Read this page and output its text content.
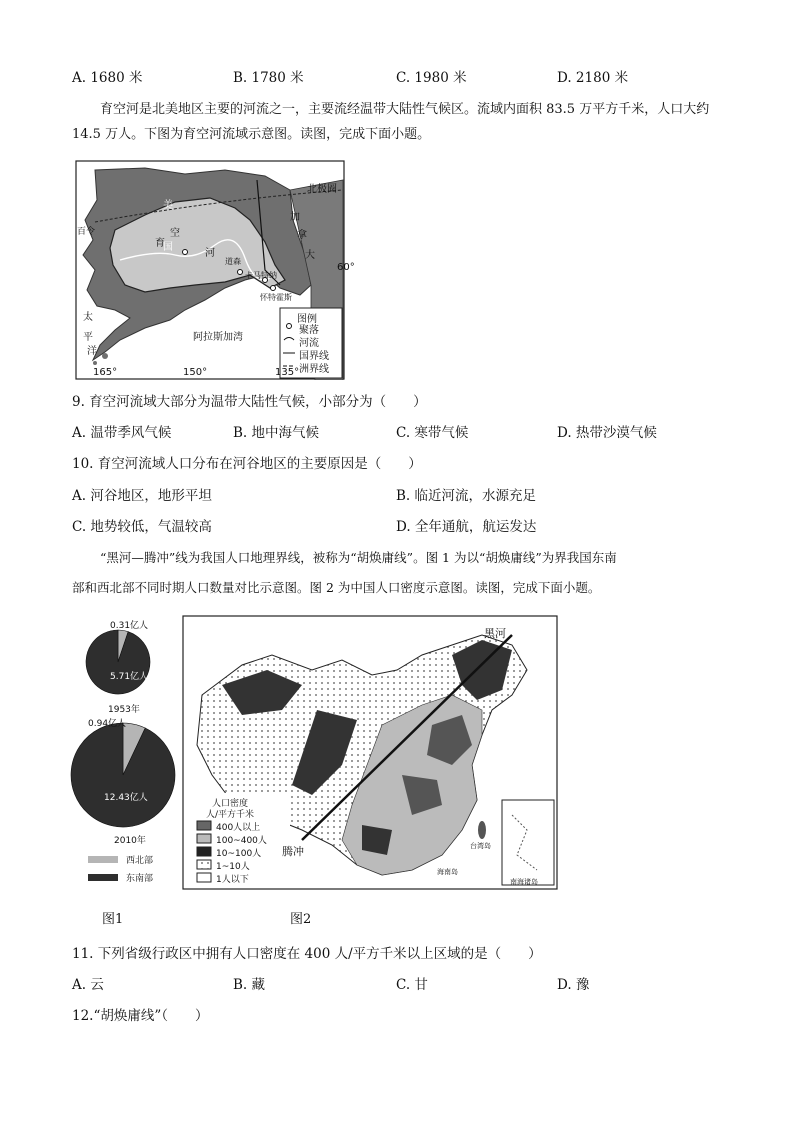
A. 1680 米	B. 1780 米	C. 1980 米	D. 2180 米
育空河是北美地区主要的河流之一，主要流经温带大陆性气候区。流域内面积 83.5 万平方千米，人口大约 14.5 万人。下图为育空河流域示意图。读图，完成下面小题。
北极圈
美
国
加
拿
大
育
空
河
阿拉斯加湾
太
平
洋
60°
165°	150°	135°
百令
道森
卡马特纳
怀特霍斯
图例
聚落
河流
国界线
洲界线
9. 育空河流域大部分为温带大陆性气候，小部分为（　　）
A. 温带季风气候	B. 地中海气候	C. 寒带气候	D. 热带沙漠气候
10. 育空河流域人口分布在河谷地区的主要原因是（　　）
A. 河谷地区，地形平坦	B. 临近河流，水源充足
C. 地势较低，气温较高	D. 全年通航，航运发达
“黑河—腾冲”线为我国人口地理界线，被称为“胡焕庸线”。图 1 为以“胡焕庸线”为界我国东南
部和西北部不同时期人口数量对比示意图。图 2 为中国人口密度示意图。读图，完成下面小题。
0.31亿人
5.71亿人
1953年
0.94亿人
12.43亿人
2010年
西北部
东南部
黑河
腾冲
人口密度
人/平方千米
400人以上
100~400人
10~100人
1~10人
1人以下	南海诸岛
台湾岛
海南岛
图1	图2
11. 下列省级行政区中拥有人口密度在 400 人/平方千米以上区域的是（　　）
A. 云	B. 藏	C. 甘	D. 豫
12.“胡焕庸线”（　　）
